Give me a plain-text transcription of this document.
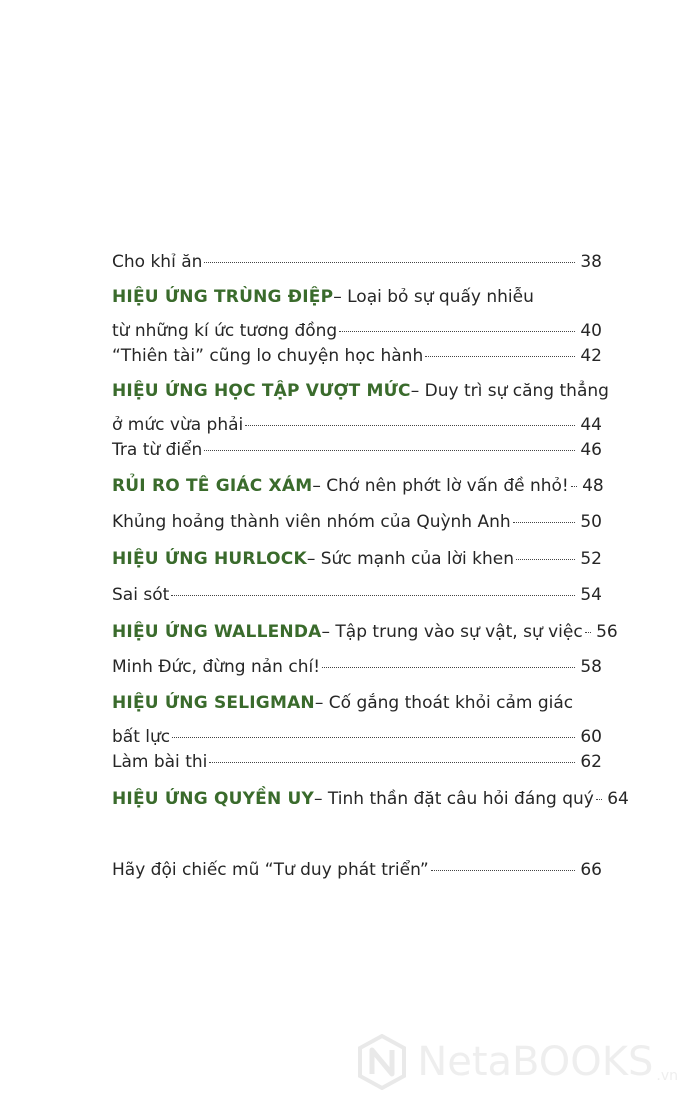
Cho khỉ ăn	38
HIỆU ỨNG TRÙNG ĐIỆP – Loại bỏ sự quấy nhiễu
từ những kí ức tương đồng	40
“Thiên tài” cũng lo chuyện học hành	42
HIỆU ỨNG HỌC TẬP VƯỢT MỨC – Duy trì sự căng thẳng
ở mức vừa phải	44
Tra từ điển	46
RỦI RO TÊ GIÁC XÁM – Chớ nên phớt lờ vấn đề nhỏ! 48
Khủng hoảng thành viên nhóm của Quỳnh Anh	50
HIỆU ỨNG HURLOCK – Sức mạnh của lời khen	52
Sai sót	54
HIỆU ỨNG WALLENDA – Tập trung vào sự vật, sự việc 56
Minh Đức, đừng nản chí!	58
HIỆU ỨNG SELIGMAN – Cố gắng thoát khỏi cảm giác
bất lực	60
Làm bài thi	62
HIỆU ỨNG QUYỀN UY – Tinh thần đặt câu hỏi đáng quý 64
Hãy đội chiếc mũ “Tư duy phát triển”	66
NetaBOOKS .vn
